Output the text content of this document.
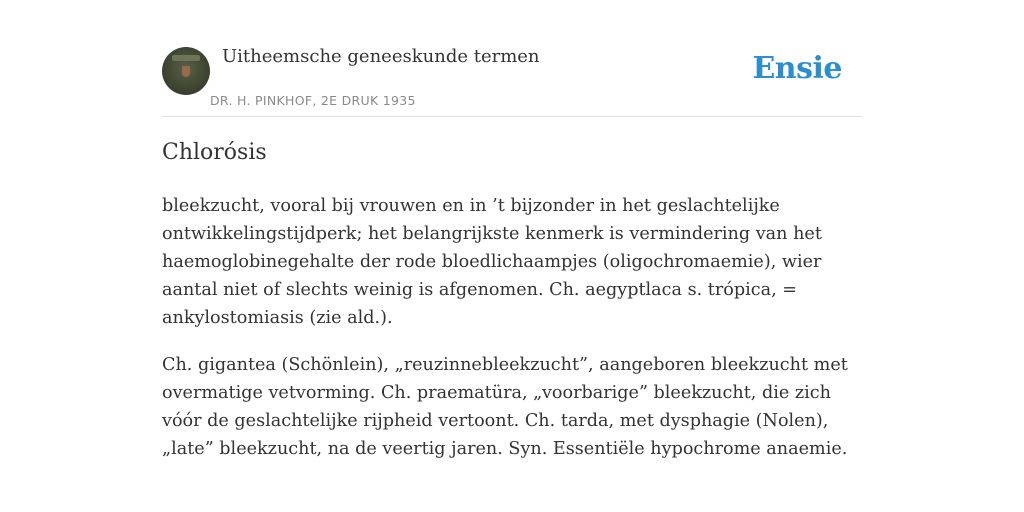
Uitheemsche geneeskunde termen
DR. H. PINKHOF, 2E DRUK 1935
Ensie
Chlorósis

bleekzucht, vooral bij vrouwen en in ’t bijzonder in het geslachtelijke ontwikkelingstijdperk; het belangrijkste kenmerk is vermindering van het haemoglobinegehalte der rode bloedlichaampjes (oligochromaemie), wier aantal niet of slechts weinig is afgenomen. Ch. aegyptlaca s. trópica, = ankylostomiasis (zie ald.).

Ch. gigantea (Schönlein), „reuzinnebleekzucht”, aangeboren bleekzucht met overmatige vetvorming. Ch. praematüra, „voorbarige” bleekzucht, die zich vóór de geslachtelijke rijpheid vertoont. Ch. tarda, met dysphagie (Nolen), „late” bleekzucht, na de veertig jaren. Syn. Essentiële hypochrome anaemie.
